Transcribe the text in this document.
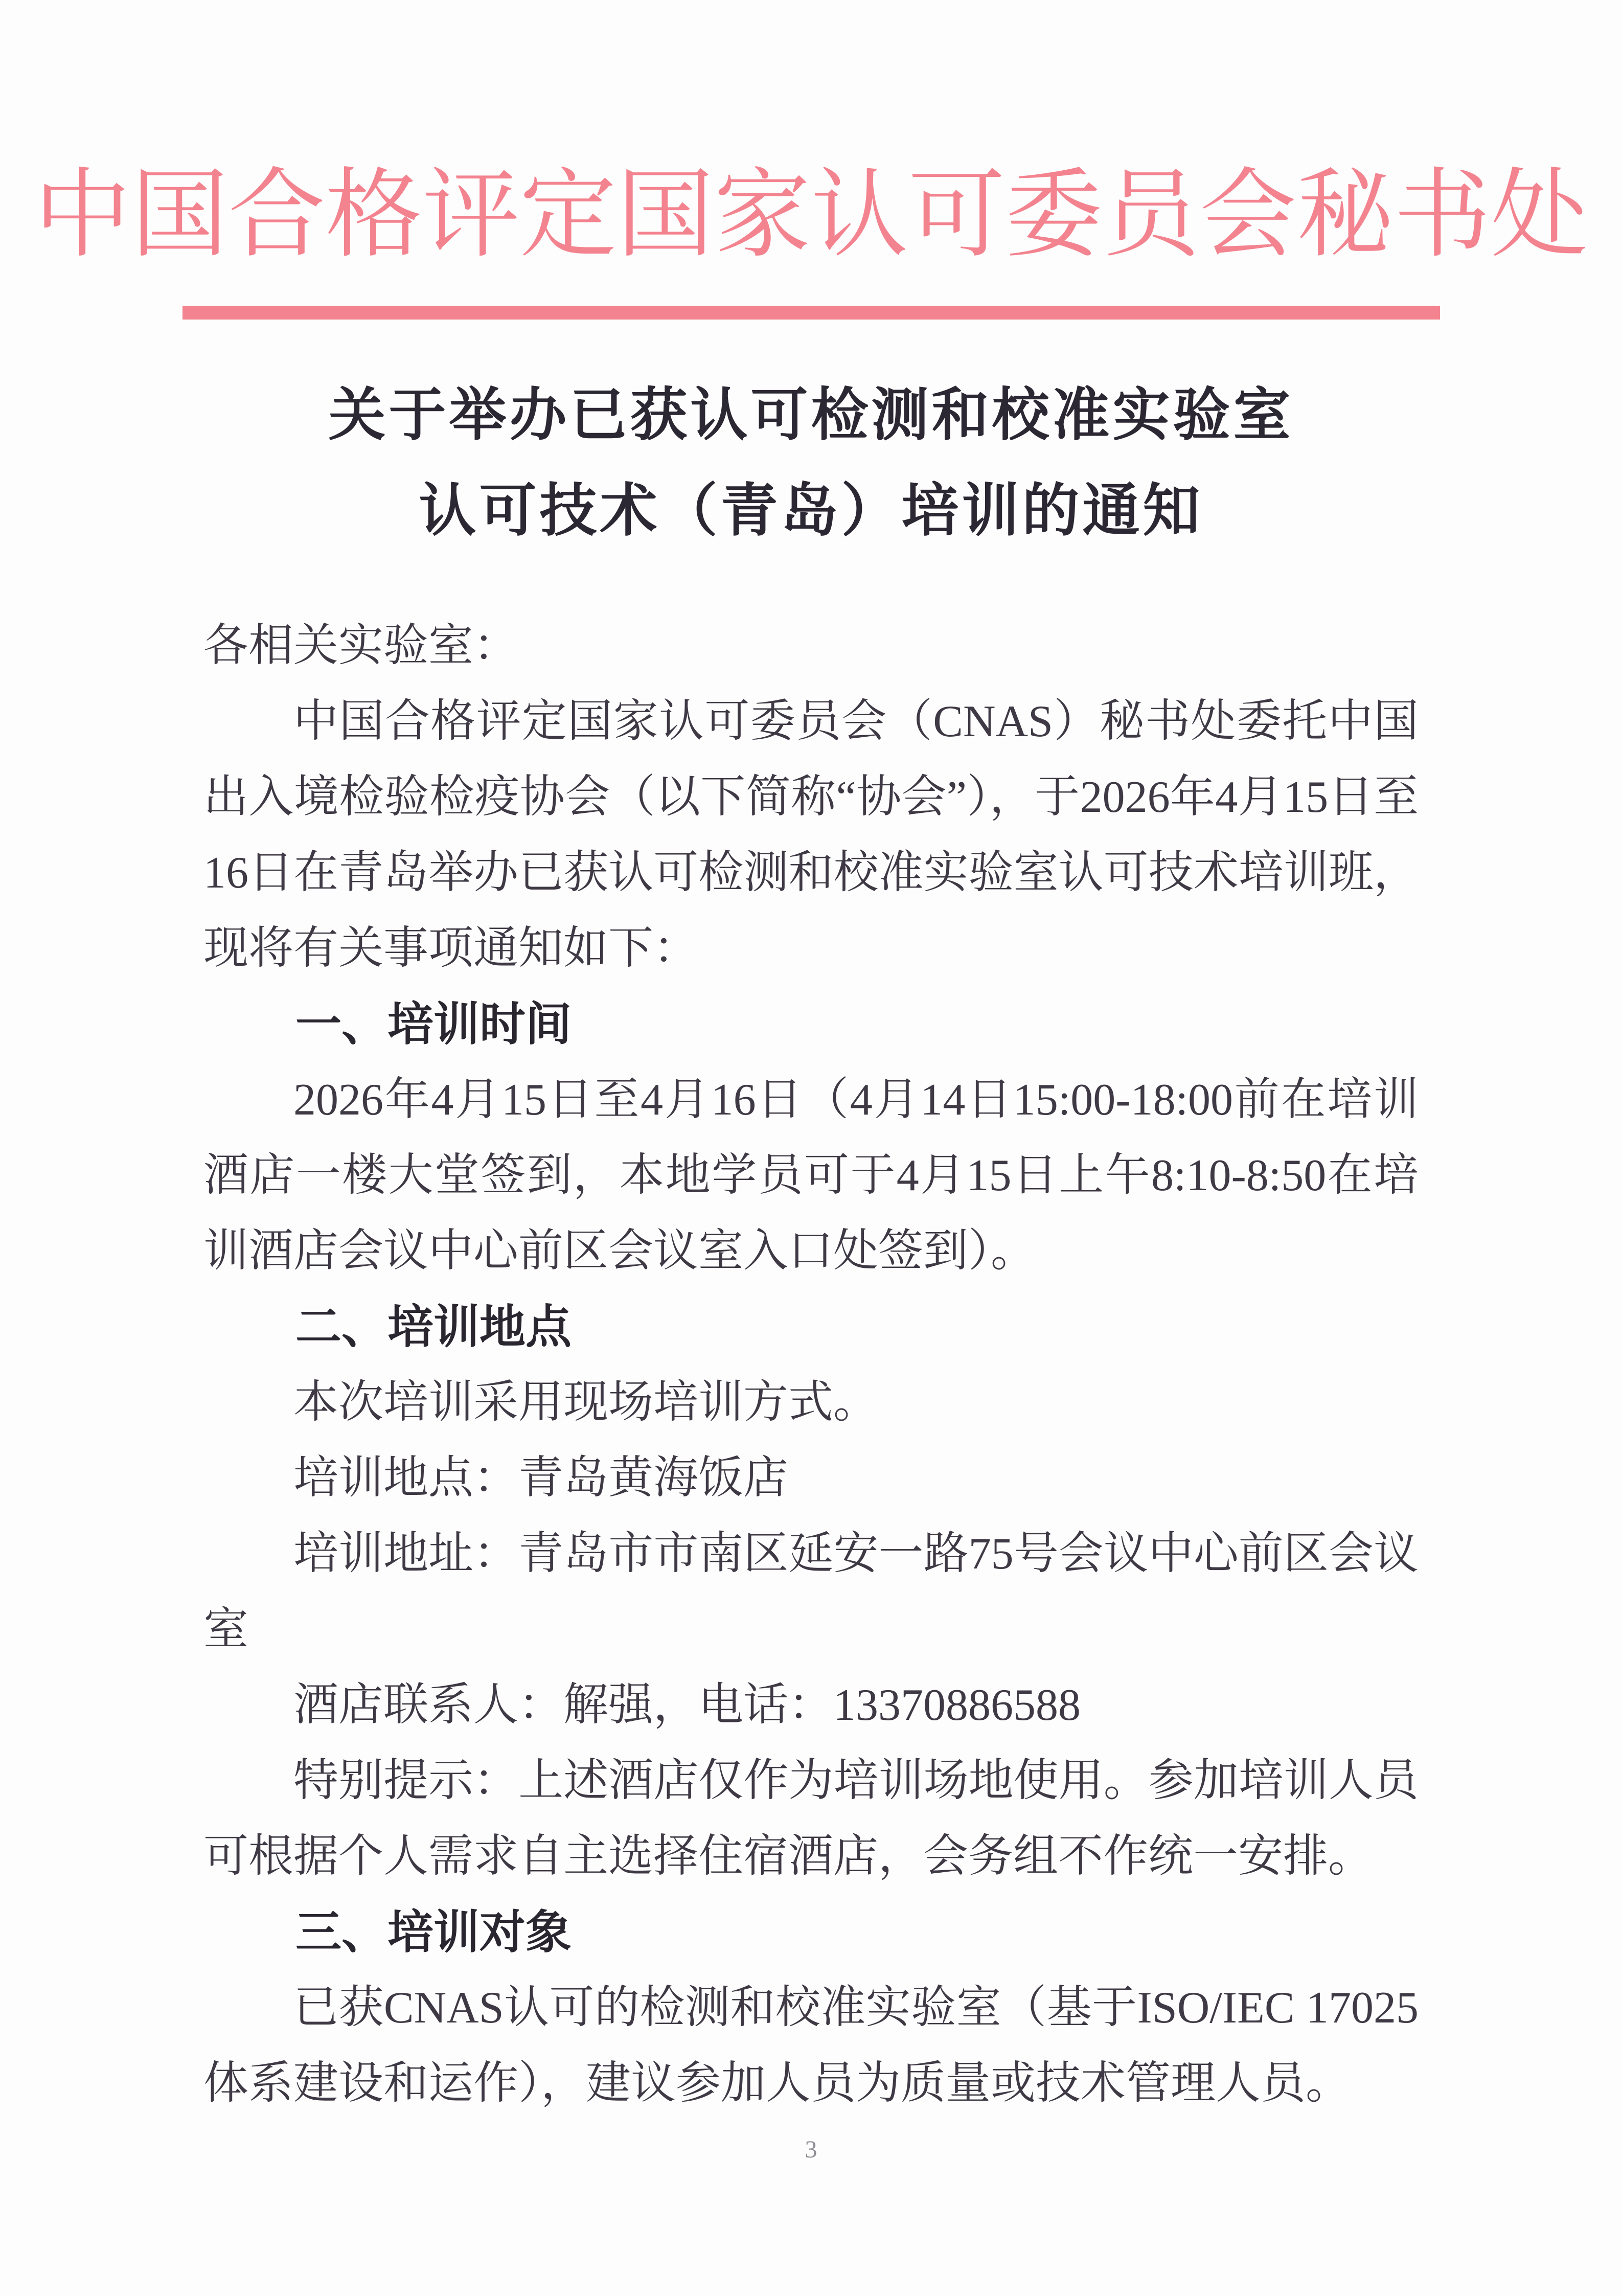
中国合格评定国家认可委员会秘书处
关于举办已获认可检测和校准实验室
认可技术（青岛）培训的通知

各相关实验室：

中国合格评定国家认可委员会（CNAS）秘书处委托中国出入境检验检疫协会（以下简称“协会”），于2026年4月15日至16日在青岛举办已获认可检测和校准实验室认可技术培训班，现将有关事项通知如下：

一、培训时间

2026年4月15日至4月16日（4月14日15:00-18:00前在培训酒店一楼大堂签到，本地学员可于4月15日上午8:10-8:50在培训酒店会议中心前区会议室入口处签到）。

二、培训地点

本次培训采用现场培训方式。

培训地点：青岛黄海饭店

培训地址：青岛市市南区延安一路75号会议中心前区会议室

酒店联系人：解强，电话：13370886588

特别提示：上述酒店仅作为培训场地使用。参加培训人员可根据个人需求自主选择住宿酒店，会务组不作统一安排。

三、培训对象

已获CNAS认可的检测和校准实验室（基于ISO/IEC 17025体系建设和运作），建议参加人员为质量或技术管理人员。

3
